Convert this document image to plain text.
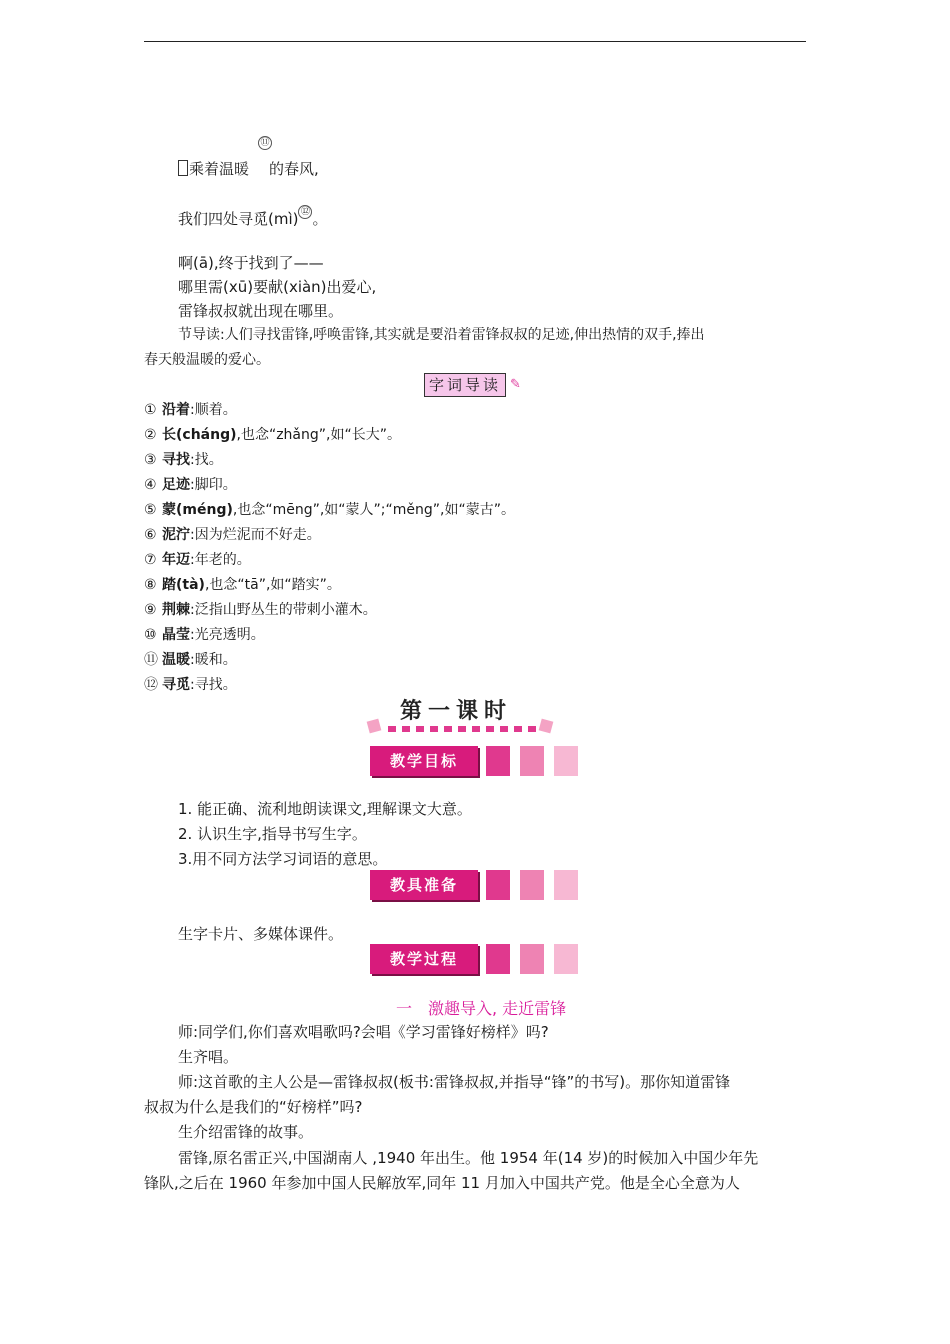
乘着温暖 的春风,
⑪
我们四处寻觅(mì) ⑫ 。
啊(ā),终于找到了——
哪里需(xū)要献(xiàn)出爱心,
雷锋叔叔就出现在哪里。
节导读:人们寻找雷锋,呼唤雷锋,其实就是要沿着雷锋叔叔的足迹,伸出热情的双手,捧出
春天般温暖的爱心。
字词导读 ✎
① 沿着:顺着。
② 长(cháng),也念“zhǎng”,如“长大”。
③ 寻找:找。
④ 足迹:脚印。
⑤ 蒙(méng),也念“mēng”,如“蒙人”;“měng”,如“蒙古”。
⑥ 泥泞:因为烂泥而不好走。
⑦ 年迈:年老的。
⑧ 踏(tà),也念“tā”,如“踏实”。
⑨ 荆棘:泛指山野丛生的带刺小灌木。
⑩ 晶莹:光亮透明。
⑪ 温暖:暖和。
⑫ 寻觅:寻找。
第一课时
教学目标
1. 能正确、流利地朗读课文,理解课文大意。
2. 认识生字,指导书写生字。
3.用不同方法学习词语的意思。
教具准备
生字卡片、多媒体课件。
教学过程
一　激趣导入, 走近雷锋
师:同学们,你们喜欢唱歌吗?会唱《学习雷锋好榜样》吗?
生齐唱。
师:这首歌的主人公是—雷锋叔叔(板书:雷锋叔叔,并指导“锋”的书写)。那你知道雷锋
叔叔为什么是我们的“好榜样”吗?
生介绍雷锋的故事。
雷锋,原名雷正兴,中国湖南人 ,1940 年出生。他 1954 年(14 岁)的时候加入中国少年先
锋队,之后在 1960 年参加中国人民解放军,同年 11 月加入中国共产党。他是全心全意为人
